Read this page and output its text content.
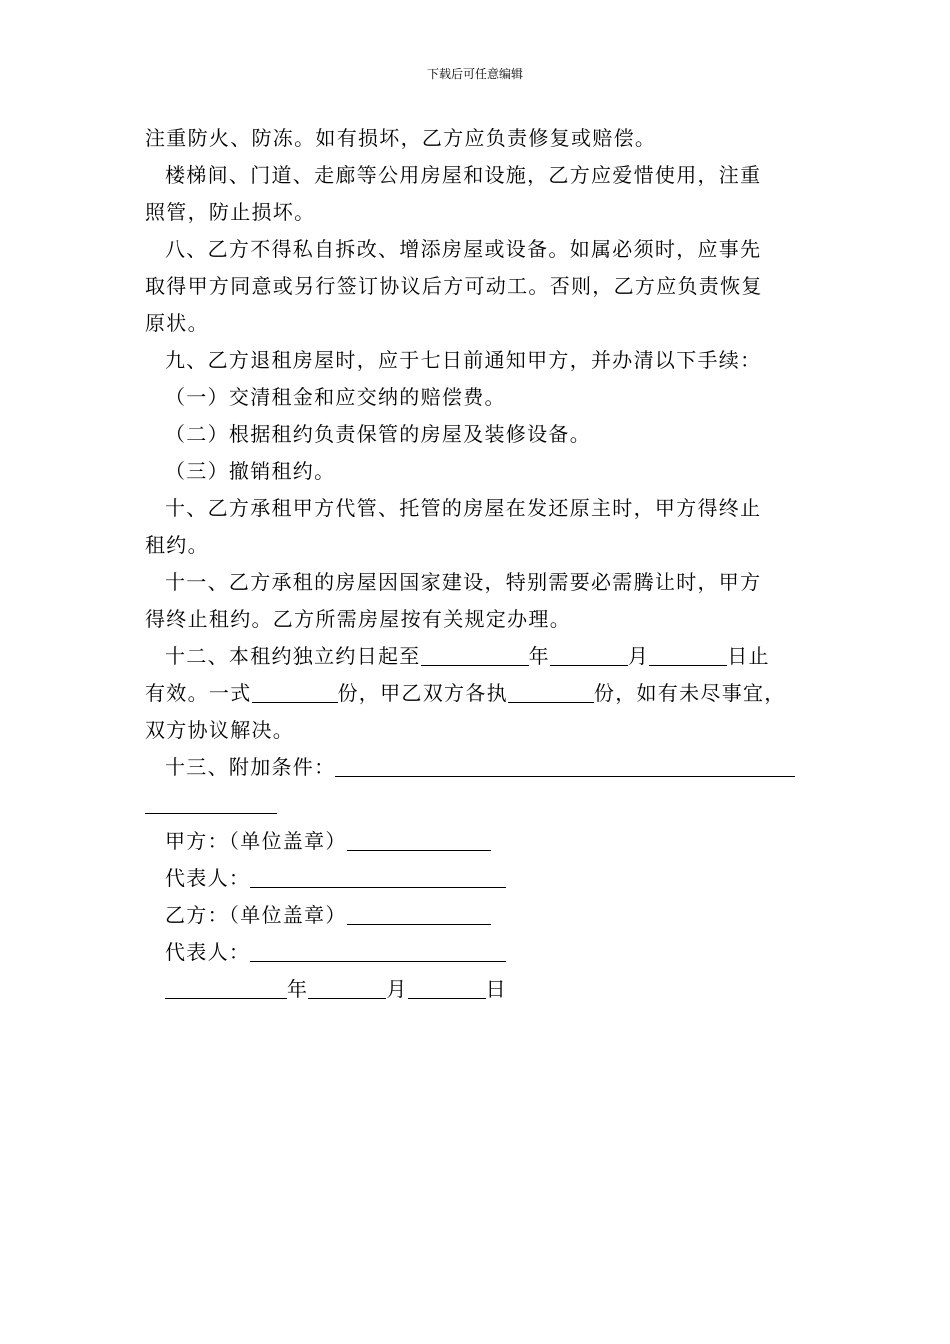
下载后可任意编辑

注重防火、防冻。如有损坏，乙方应负责修复或赔偿。

楼梯间、门道、走廊等公用房屋和设施，乙方应爱惜使用，注重

照管，防止损坏。

八、乙方不得私自拆改、增添房屋或设备。如属必须时，应事先

取得甲方同意或另行签订协议后方可动工。否则，乙方应负责恢复

原状。

九、乙方退租房屋时，应于七日前通知甲方，并办清以下手续：

（一）交清租金和应交纳的赔偿费。

（二）根据租约负责保管的房屋及装修设备。

（三）撤销租约。

十、乙方承租甲方代管、托管的房屋在发还原主时，甲方得终止

租约。

十一、乙方承租的房屋因国家建设，特别需要必需腾让时，甲方

得终止租约。乙方所需房屋按有关规定办理。

十二、本租约独立约日起至	年	月	日止

有效。一式	份，甲乙双方各执	份，如有未尽事宜，

双方协议解决。

十三、附加条件：

甲方：（单位盖章）

代表人：

乙方：（单位盖章）

代表人：

年	月	日
